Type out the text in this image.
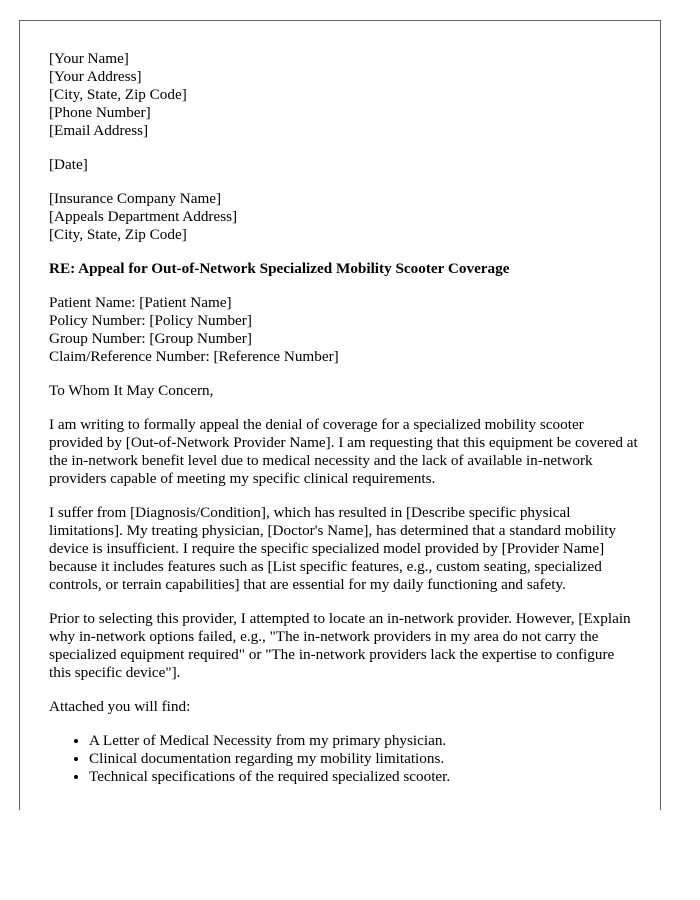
[Your Name]
[Your Address]
[City, State, Zip Code]
[Phone Number]
[Email Address]
[Date]
[Insurance Company Name]
[Appeals Department Address]
[City, State, Zip Code]
RE: Appeal for Out-of-Network Specialized Mobility Scooter Coverage
Patient Name: [Patient Name]
Policy Number: [Policy Number]
Group Number: [Group Number]
Claim/Reference Number: [Reference Number]

To Whom It May Concern,

I am writing to formally appeal the denial of coverage for a specialized mobility scooter provided by [Out-of-Network Provider Name]. I am requesting that this equipment be covered at the in-network benefit level due to medical necessity and the lack of available in-network providers capable of meeting my specific clinical requirements.

I suffer from [Diagnosis/Condition], which has resulted in [Describe specific physical limitations]. My treating physician, [Doctor's Name], has determined that a standard mobility device is insufficient. I require the specific specialized model provided by [Provider Name] because it includes features such as [List specific features, e.g., custom seating, specialized controls, or terrain capabilities] that are essential for my daily functioning and safety.

Prior to selecting this provider, I attempted to locate an in-network provider. However, [Explain why in-network options failed, e.g., "The in-network providers in my area do not carry the specialized equipment required" or "The in-network providers lack the expertise to configure this specific device"].

Attached you will find:

• A Letter of Medical Necessity from my primary physician.
• Clinical documentation regarding my mobility limitations.
• Technical specifications of the required specialized scooter.
